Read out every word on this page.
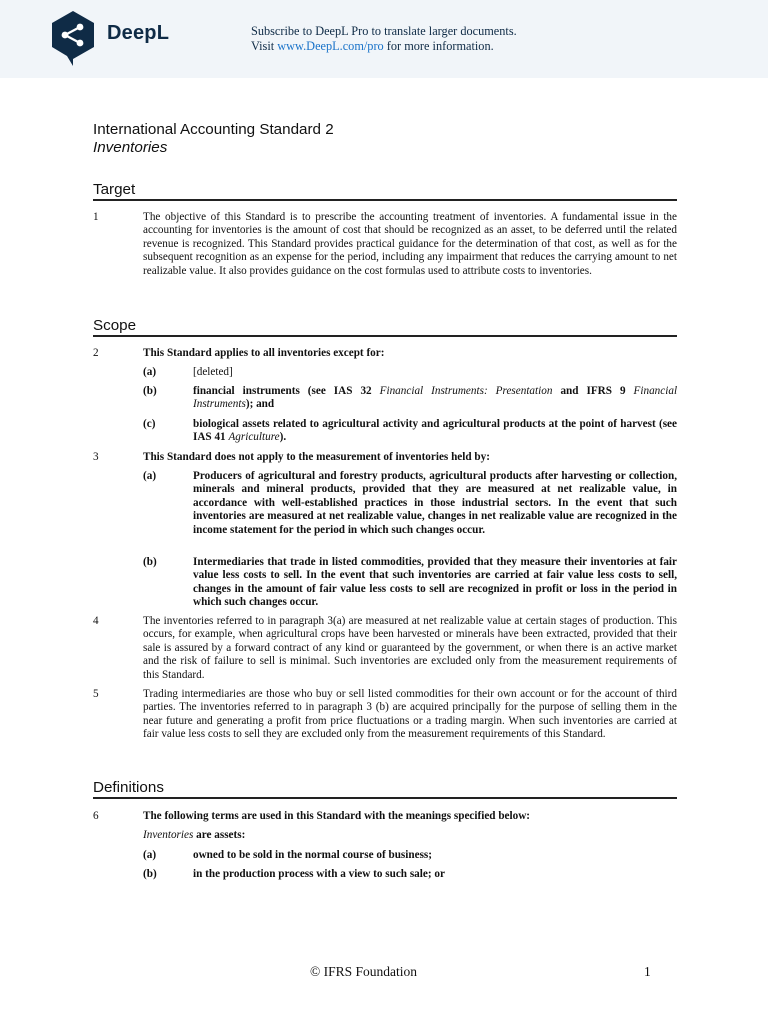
DeepL	Subscribe to DeepL Pro to translate larger documents.
Visit www.DeepL.com/pro for more information.
International Accounting Standard 2
Inventories
Target
1	The objective of this Standard is to prescribe the accounting treatment of inventories. A fundamental issue in the accounting for inventories is the amount of cost that should be recognized as an asset, to be deferred until the related revenue is recognized. This Standard provides practical guidance for the determination of that cost, as well as for the subsequent recognition as an expense for the period, including any impairment that reduces the carrying amount to net realizable value. It also provides guidance on the cost formulas used to attribute costs to inventories.
Scope
2	This Standard applies to all inventories except for:
(a)	[deleted]
(b)	financial instruments (see IAS 32 Financial Instruments: Presentation and IFRS 9 Financial Instruments); and
(c)	biological assets related to agricultural activity and agricultural products at the point of harvest (see IAS 41 Agriculture).
3	This Standard does not apply to the measurement of inventories held by:
(a)	Producers of agricultural and forestry products, agricultural products after harvesting or collection, minerals and mineral products, provided that they are measured at net realizable value, in accordance with well-established practices in those industrial sectors. In the event that such inventories are measured at net realizable value, changes in net realizable value are recognized in the income statement for the period in which such changes occur.
(b)	Intermediaries that trade in listed commodities, provided that they measure their inventories at fair value less costs to sell. In the event that such inventories are carried at fair value less costs to sell, changes in the amount of fair value less costs to sell are recognized in profit or loss in the period in which such changes occur.
4	The inventories referred to in paragraph 3(a) are measured at net realizable value at certain stages of production. This occurs, for example, when agricultural crops have been harvested or minerals have been extracted, provided that their sale is assured by a forward contract of any kind or guaranteed by the government, or when there is an active market and the risk of failure to sell is minimal. Such inventories are excluded only from the measurement requirements of this Standard.
5	Trading intermediaries are those who buy or sell listed commodities for their own account or for the account of third parties. The inventories referred to in paragraph 3 (b) are acquired principally for the purpose of selling them in the near future and generating a profit from price fluctuations or a trading margin. When such inventories are carried at fair value less costs to sell they are excluded only from the measurement requirements of this Standard.
Definitions
6	The following terms are used in this Standard with the meanings specified below:
Inventories are assets:
(a)	owned to be sold in the normal course of business;
(b)	in the production process with a view to such sale; or
© IFRS Foundation	1
